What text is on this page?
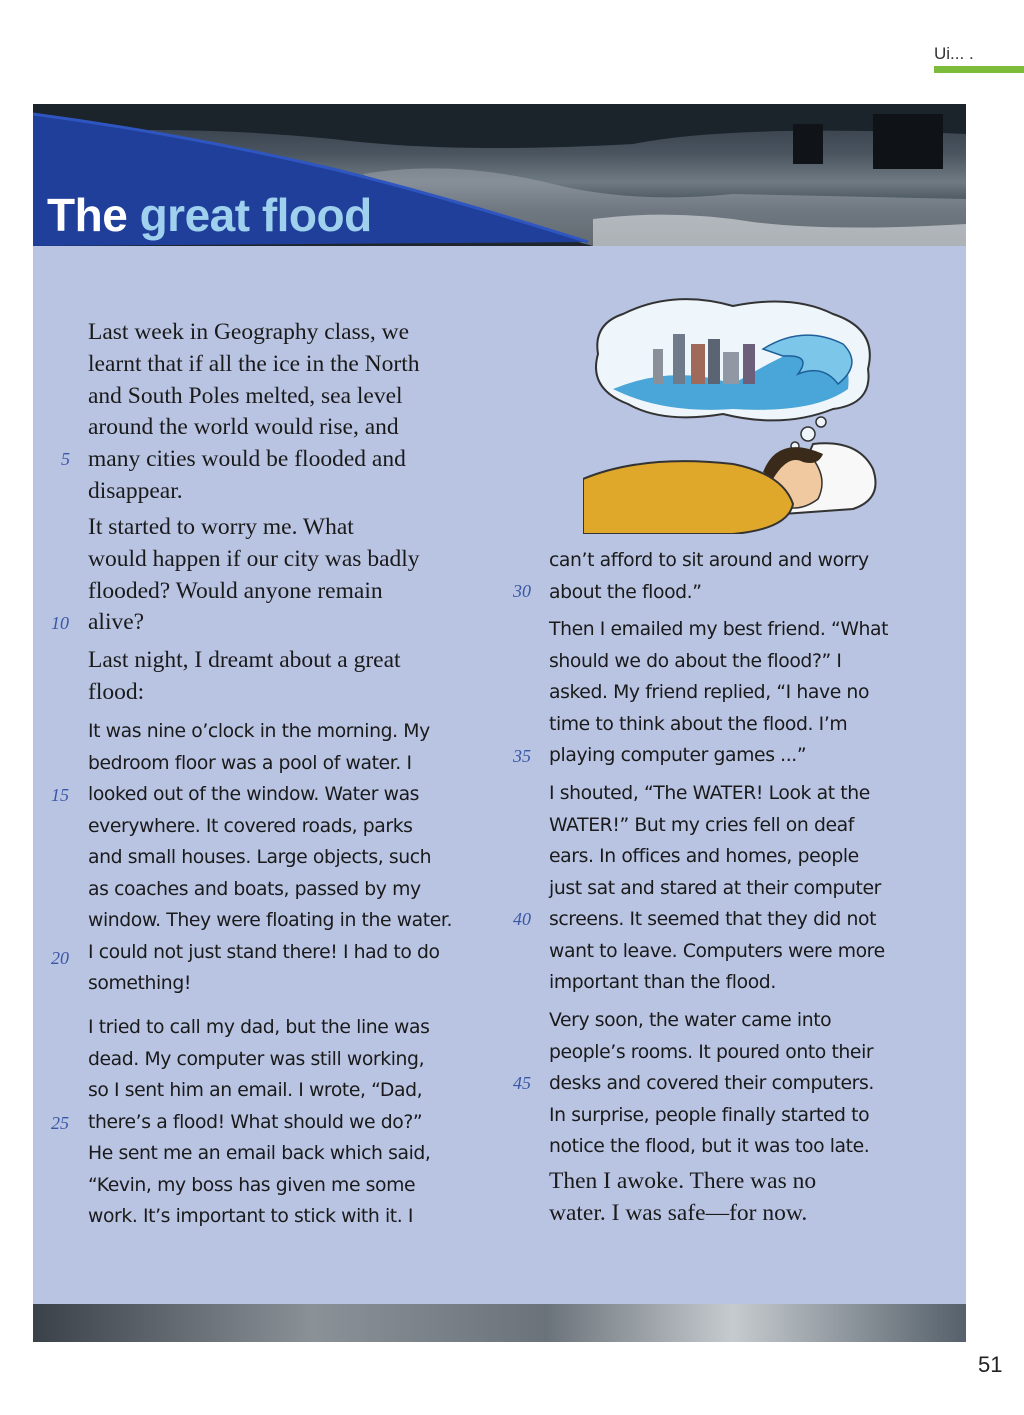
Ui... .
The great flood

Last week in Geography class, we

learnt that if all the ice in the North

and South Poles melted, sea level

around the world would rise, and

many cities would be flooded and

disappear.

It started to worry me. What

would happen if our city was badly

flooded? Would anyone remain

alive?

Last night, I dreamt about a great

flood:

It was nine o’clock in the morning. My

bedroom floor was a pool of water. I

looked out of the window. Water was

everywhere. It covered roads, parks

and small houses. Large objects, such

as coaches and boats, passed by my

window. They were floating in the water.

I could not just stand there! I had to do

something!

I tried to call my dad, but the line was

dead. My computer was still working,

so I sent him an email. I wrote, “Dad,

there’s a flood! What should we do?”

He sent me an email back which said,

“Kevin, my boss has given me some

work. It’s important to stick with it. I

5
10
15
20
25

can’t afford to sit around and worry

about the flood.”

Then I emailed my best friend. “What

should we do about the flood?” I

asked. My friend replied, “I have no

time to think about the flood. I’m

playing computer games ...”

I shouted, “The WATER! Look at the

WATER!” But my cries fell on deaf

ears. In offices and homes, people

just sat and stared at their computer

screens. It seemed that they did not

want to leave. Computers were more

important than the flood.

Very soon, the water came into

people’s rooms. It poured onto their

desks and covered their computers.

In surprise, people finally started to

notice the flood, but it was too late.

Then I awoke. There was no

water. I was safe—for now.

30
35
40
45
51
